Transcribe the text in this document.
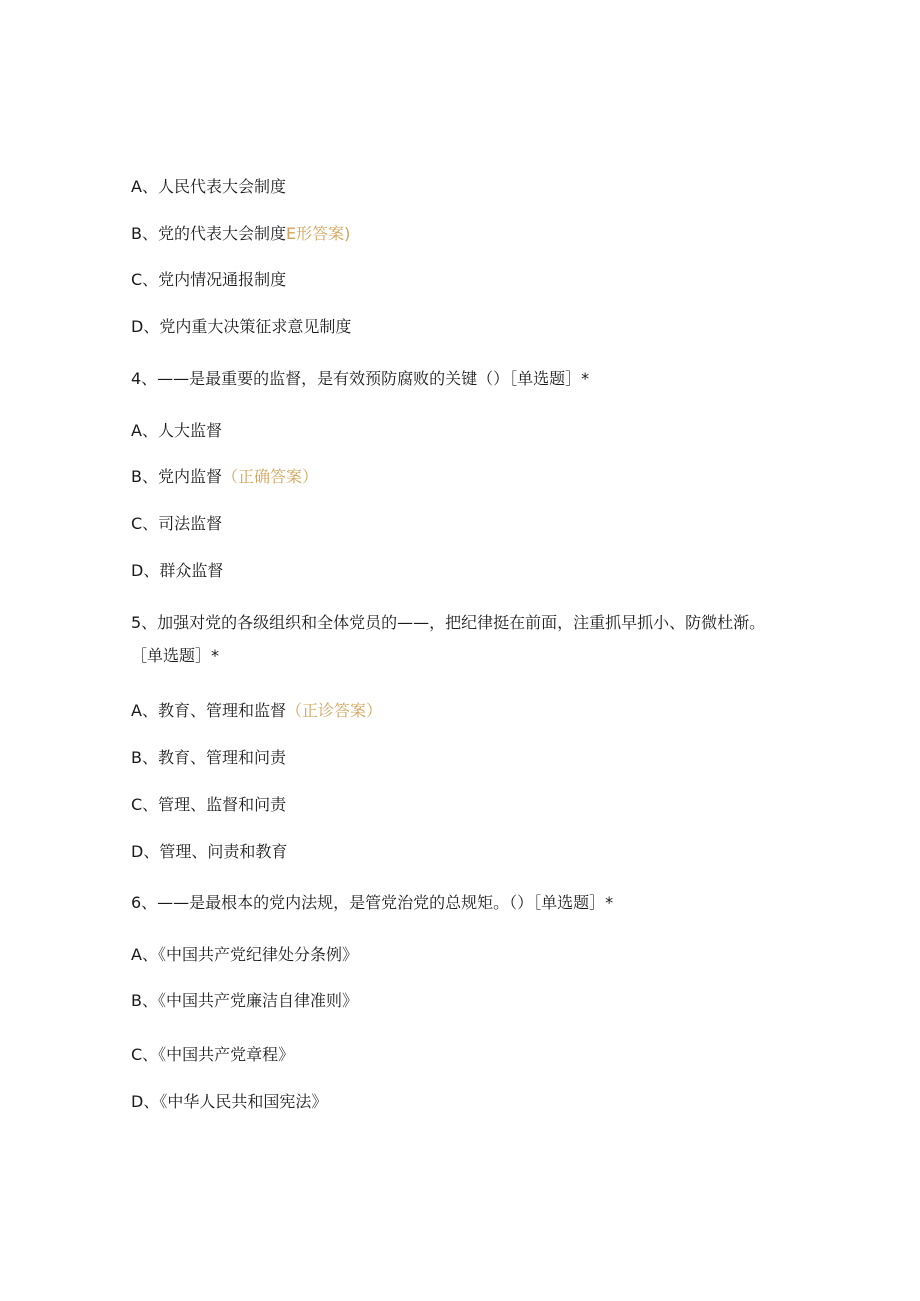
A、人民代表大会制度
B、党的代表大会制度E形答案)
C、党内情况通报制度
D、党内重大决策征求意见制度
4、——是最重要的监督，是有效预防腐败的关键（）［单选题］*
A、人大监督
B、党内监督（正确答案）
C、司法监督
D、群众监督
5、加强对党的各级组织和全体党员的——，把纪律挺在前面，注重抓早抓小、防微杜渐。［单选题］*
A、教育、管理和监督（正诊答案）
B、教育、管理和问责
C、管理、监督和问责
D、管理、问责和教育
6、——是最根本的党内法规，是管党治党的总规矩。（）［单选题］*
A、《中国共产党纪律处分条例》
B、《中国共产党廉洁自律准则》
C、《中国共产党章程》
D、《中华人民共和国宪法》
